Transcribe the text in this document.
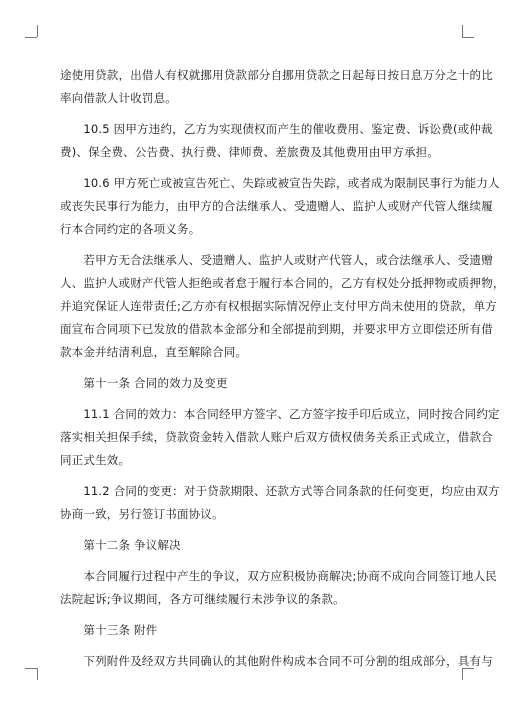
途使用贷款，出借人有权就挪用贷款部分自挪用贷款之日起每日按日息万分之十的比
率向借款人计收罚息。
　　10.5 因甲方违约，乙方为实现债权而产生的催收费用、鉴定费、诉讼费(或仲裁
费)、保全费、公告费、执行费、律师费、差旅费及其他费用由甲方承担。
　　10.6 甲方死亡或被宣告死亡、失踪或被宣告失踪，或者成为限制民事行为能力人
或丧失民事行为能力，由甲方的合法继承人、受遗赠人、监护人或财产代管人继续履
行本合同约定的各项义务。
　　若甲方无合法继承人、受遗赠人、监护人或财产代管人，或合法继承人、受遗赠
人、监护人或财产代管人拒绝或者怠于履行本合同的，乙方有权处分抵押物或质押物，
并追究保证人连带责任;乙方亦有权根据实际情况停止支付甲方尚未使用的贷款，单方
面宣布合同项下已发放的借款本金部分和全部提前到期，并要求甲方立即偿还所有借
款本金并结清利息，直至解除合同。
　　第十一条 合同的效力及变更
　　11.1 合同的效力：本合同经甲方签字、乙方签字按手印后成立，同时按合同约定
落实相关担保手续，贷款资金转入借款人账户后双方债权债务关系正式成立，借款合
同正式生效。
　　11.2 合同的变更：对于贷款期限、还款方式等合同条款的任何变更，均应由双方
协商一致，另行签订书面协议。
　　第十二条 争议解决
　　本合同履行过程中产生的争议，双方应积极协商解决;协商不成向合同签订地人民
法院起诉;争议期间，各方可继续履行未涉争议的条款。
　　第十三条 附件
　　下列附件及经双方共同确认的其他附件构成本合同不可分割的组成部分，具有与
